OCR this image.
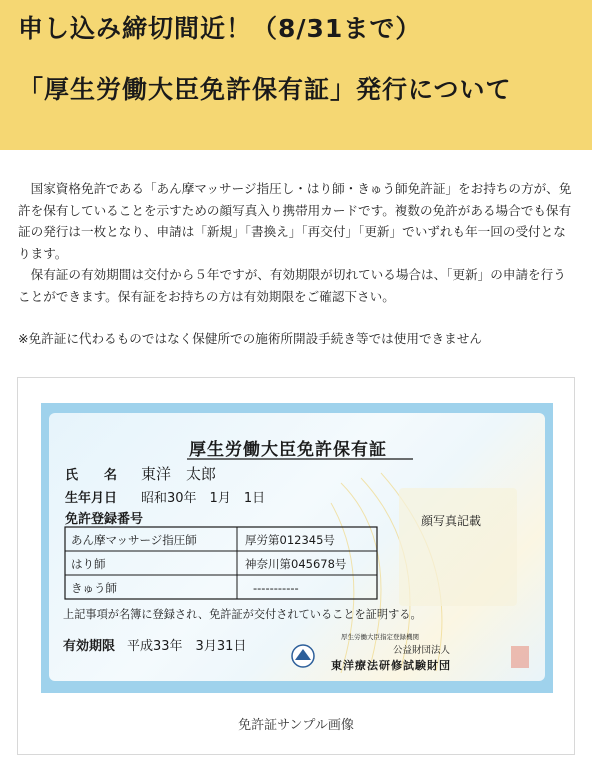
申し込み締切間近！（8/31まで）
「厚生労働大臣免許保有証」発行について

国家資格免許である「あん摩マッサージ指圧し・はり師・きゅう師免許証」をお持ちの方が、免許を保有していることを示すための顔写真入り携帯用カードです。複数の免許がある場合でも保有証の発行は一枚となり、申請は「新規」「書換え」「再交付」「更新」でいずれも年一回の受付となります。

保有証の有効期間は交付から５年ですが、有効期限が切れている場合は、「更新」の申請を行うことができます。保有証をお持ちの方は有効期限をご確認下さい。

※免許証に代わるものではなく保健所での施術所開設手続き等では使用できません
顔写真記載
厚生労働大臣免許保有証
氏　　名 東洋　太郎
生年月日 昭和30年　1月　1日
免許登録番号
あん摩マッサージ指圧師	厚労第012345号
はり師	神奈川第045678号
きゅう師	-----------
上記事項が名簿に登録され、免許証が交付されていることを証明する。
有効期限 平成33年　3月31日
厚生労働大臣指定登録機関
公益財団法人
東洋療法研修試験財団
免許証サンプル画像
